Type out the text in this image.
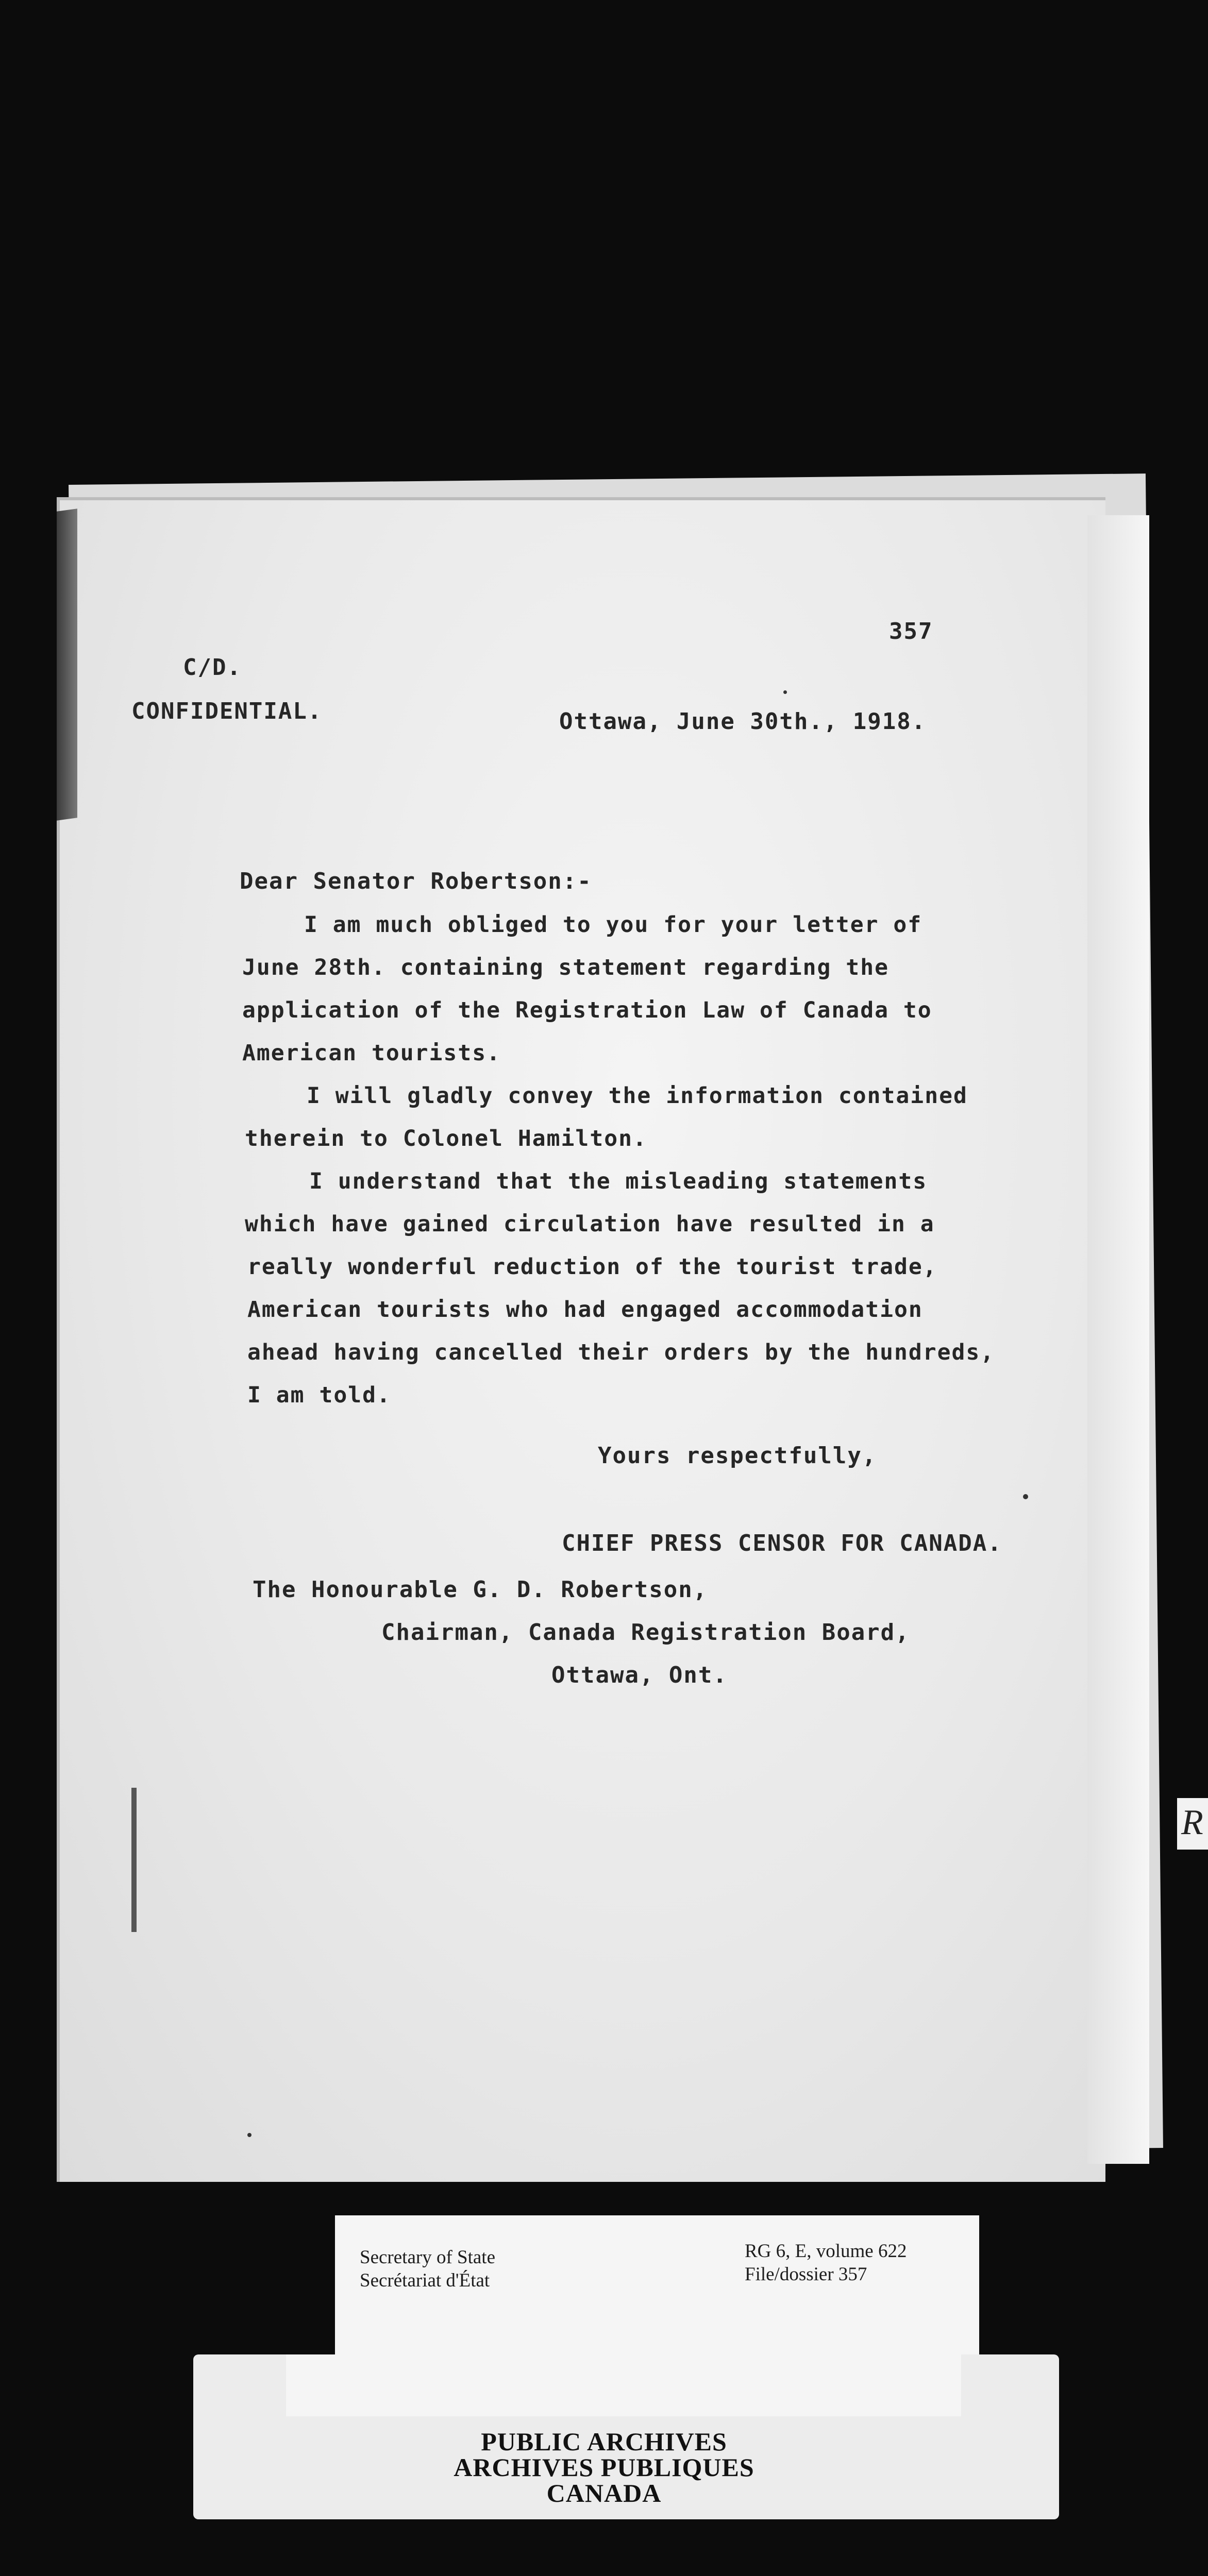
357
C/D.
CONFIDENTIAL.	Ottawa, June 30th., 1918.
Dear Senator Robertson:-
I am much obliged to you for your letter of
June 28th. containing statement regarding the
application of the Registration Law of Canada to
American tourists.
I will gladly convey the information contained
therein to Colonel Hamilton.
I understand that the misleading statements
which have gained circulation have resulted in a
really wonderful reduction of the tourist trade,
American tourists who had engaged accommodation
ahead having cancelled their orders by the hundreds,
I am told.
Yours respectfully,
CHIEF PRESS CENSOR FOR CANADA.
The Honourable G. D. Robertson,
Chairman, Canada Registration Board,
Ottawa, Ont.
R
Secretary of State
Secrétariat d'État
RG 6, E, volume 622
File/dossier 357
PUBLIC ARCHIVES
ARCHIVES PUBLIQUES
CANADA
